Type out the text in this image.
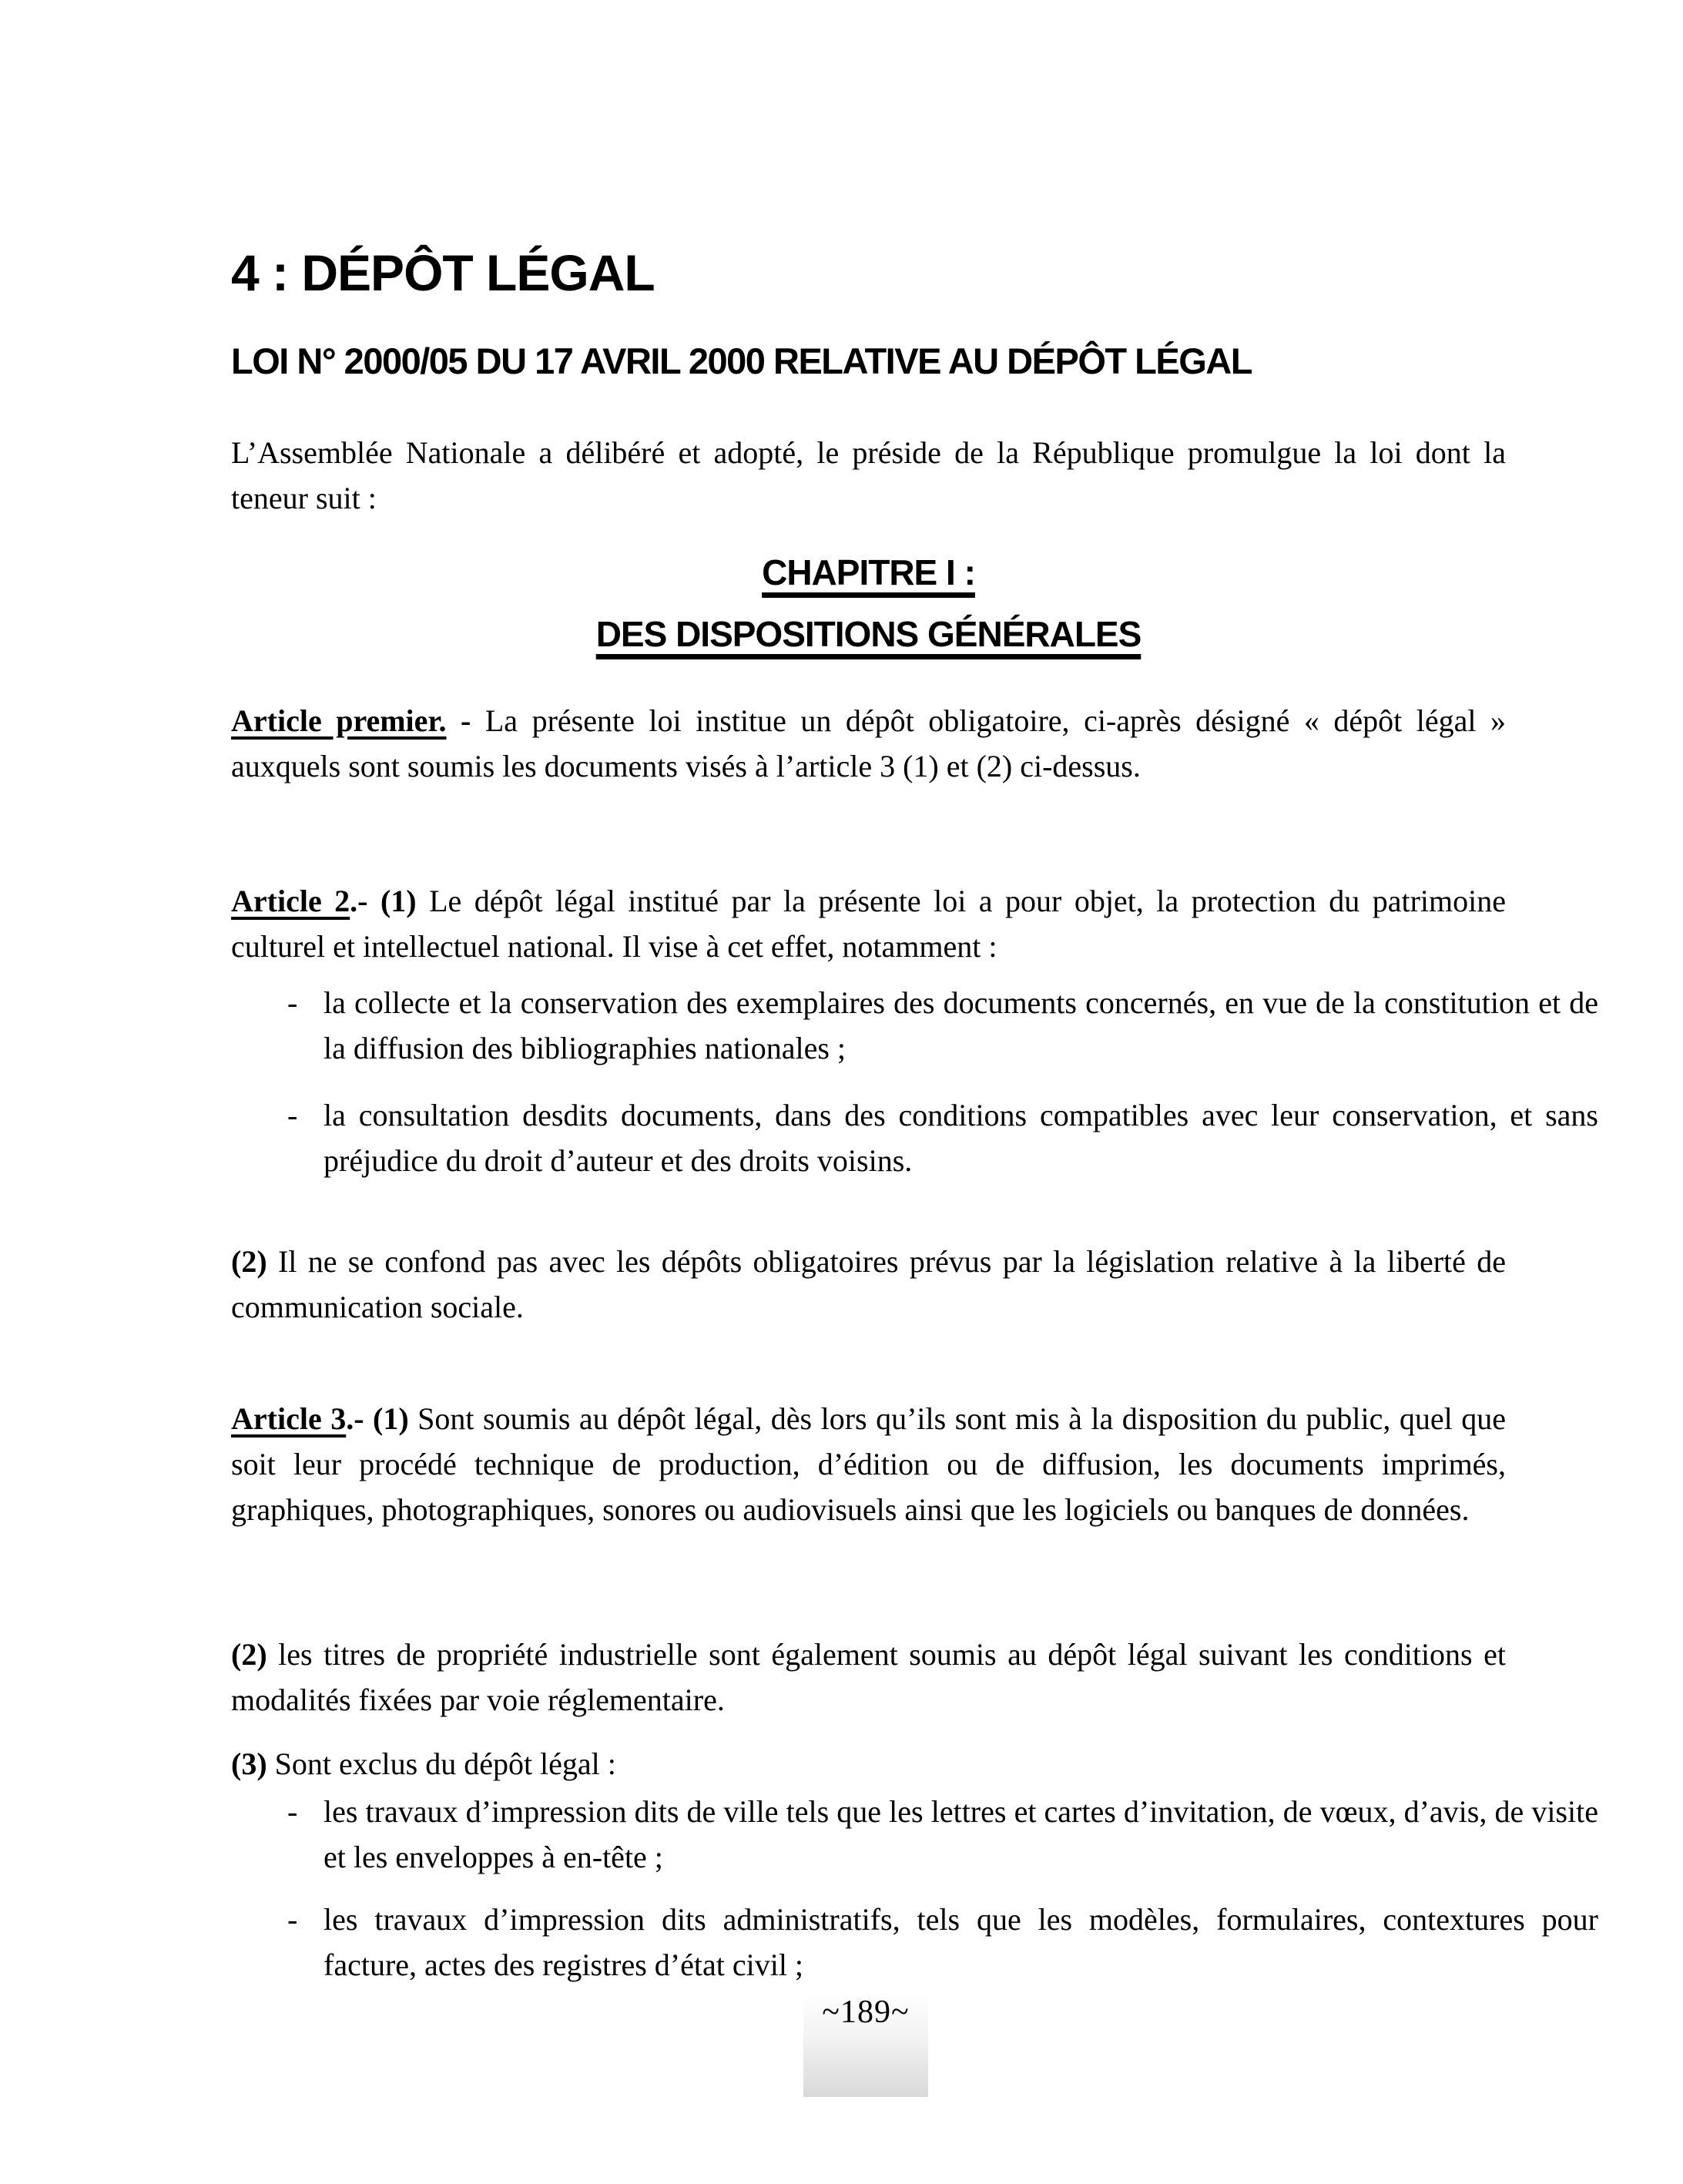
4 : DÉPÔT LÉGAL
LOI N° 2000/05 DU 17 AVRIL 2000 RELATIVE AU DÉPÔT LÉGAL

L’Assemblée Nationale a délibéré et adopté, le préside de la République promulgue la loi dont la teneur suit :

CHAPITRE I :
DES DISPOSITIONS GÉNÉRALES

Article premier. - La présente loi institue un dépôt obligatoire, ci-après désigné « dépôt légal » auxquels sont soumis les documents visés à l’article 3 (1) et (2) ci-dessus.

Article 2.- (1) Le dépôt légal institué par la présente loi a pour objet, la protection du patrimoine culturel et intellectuel national. Il vise à cet effet, notamment :

- la collecte et la conservation des exemplaires des documents concernés, en vue de la constitution et de la diffusion des bibliographies nationales ;
- la consultation desdits documents, dans des conditions compatibles avec leur conservation, et sans préjudice du droit d’auteur et des droits voisins.

(2) Il ne se confond pas avec les dépôts obligatoires prévus par la législation relative à la liberté de communication sociale.

Article 3.- (1) Sont soumis au dépôt légal, dès lors qu’ils sont mis à la disposition du public, quel que soit leur procédé technique de production, d’édition ou de diffusion, les documents imprimés, graphiques, photographiques, sonores ou audiovisuels ainsi que les logiciels ou banques de données.

(2) les titres de propriété industrielle sont également soumis au dépôt légal suivant les conditions et modalités fixées par voie réglementaire.

(3) Sont exclus du dépôt légal :

- les travaux d’impression dits de ville tels que les lettres et cartes d’invitation, de vœux, d’avis, de visite et les enveloppes à en-tête ;
- les travaux d’impression dits administratifs, tels que les modèles, formulaires, contextures pour facture, actes des registres d’état civil ;
~189~
